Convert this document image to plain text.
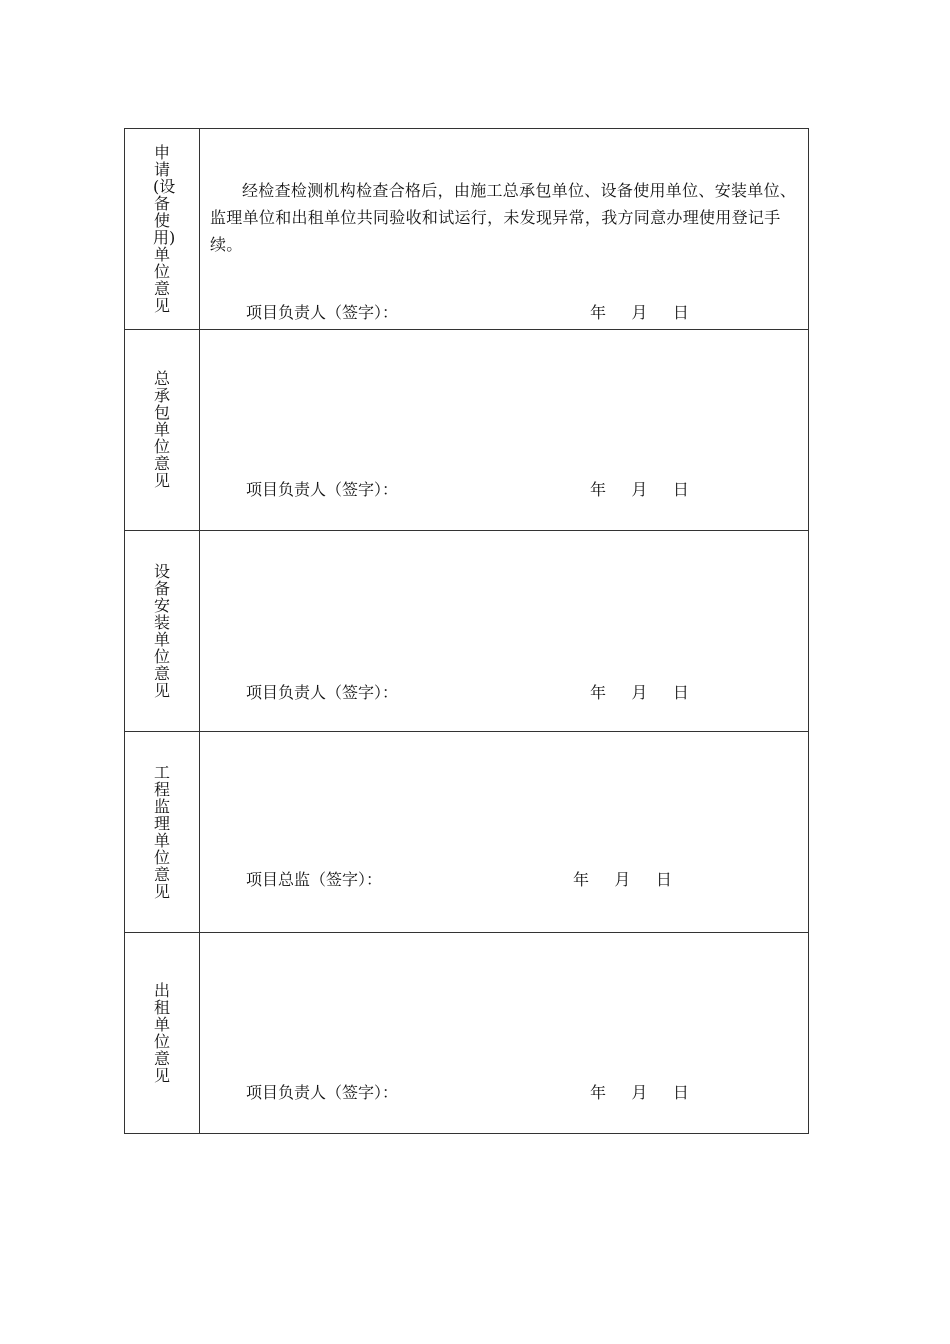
申请(设备使用)单位意见	经检查检测机构检查合格后，由施工总承包单位、设备使用单位、安装单位、监理单位和出租单位共同验收和试运行，未发现异常，我方同意办理使用登记手续。

项目负责人（签字）： 年     月     日

总承包单位意见	项目负责人（签字）： 年     月     日

设备安装单位意见	项目负责人（签字）： 年     月     日

工程监理单位意见	项目总监（签字）： 年     月     日

出租单位意见	项目负责人（签字）： 年     月     日
